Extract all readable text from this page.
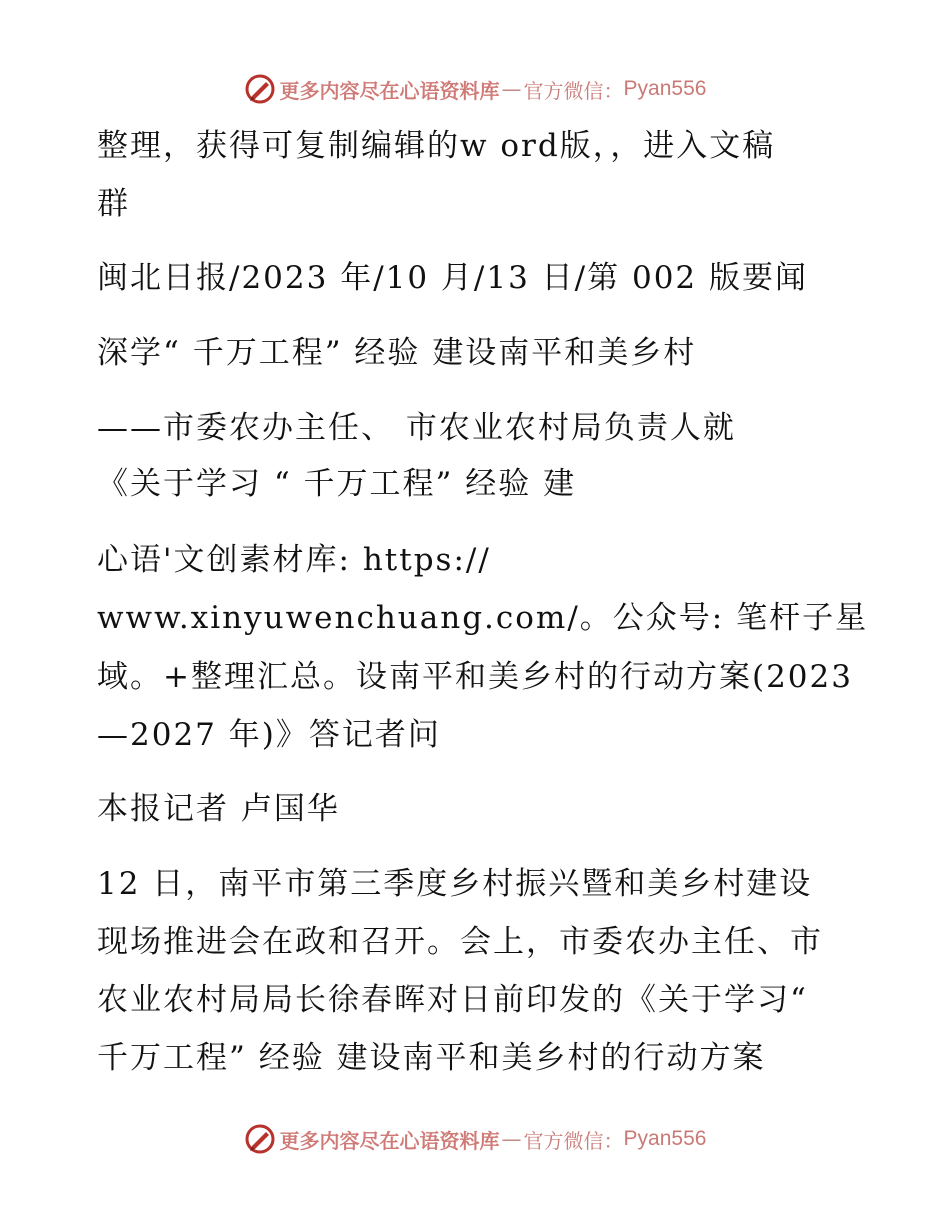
更多内容尽在心语资料库 — 官方微信： Pyan556
整理，获得可复制编辑的w ord版，，进入文稿
群
闽北日报/2023 年/10 月/13 日/第 002 版要闻
深学“ 千万工程” 经验 建设南平和美乡村
——市委农办主任、 市农业农村局负责人就
《关于学习 “ 千万工程” 经验 建
心语'文创素材库: https://
www.xinyuwenchuang.com/。公众号: 笔杆子星
域。+整理汇总。设南平和美乡村的行动方案(2023
—2027 年)》答记者问
本报记者 卢国华
12 日，南平市第三季度乡村振兴暨和美乡村建设
现场推进会在政和召开。会上，市委农办主任、市
农业农村局局长徐春晖对日前印发的《关于学习“
千万工程” 经验 建设南平和美乡村的行动方案
更多内容尽在心语资料库 — 官方微信： Pyan556
